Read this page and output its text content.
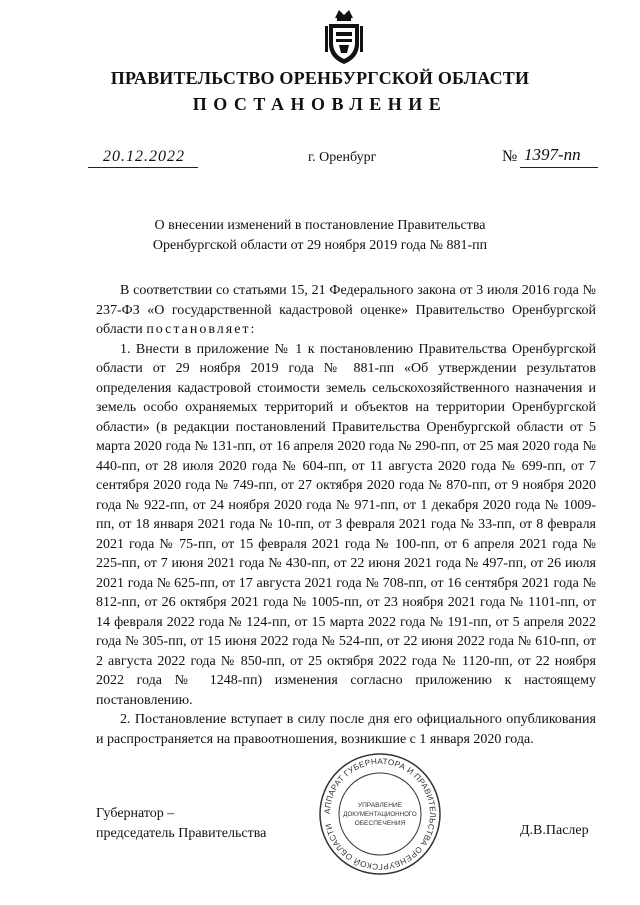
ПРАВИТЕЛЬСТВО ОРЕНБУРГСКОЙ ОБЛАСТИ
ПОСТАНОВЛЕНИЕ
20.12.2022	г. Оренбург	№ 1397-пп
О внесении изменений в постановление Правительства
Оренбургской области от 29 ноября 2019 года № 881-пп

В соответствии со статьями 15, 21 Федерального закона от 3 июля 2016 года № 237-ФЗ «О государственной кадастровой оценке» Правительство Оренбургской области постановляет:

1. Внести в приложение № 1 к постановлению Правительства Оренбургской области от 29 ноября 2019 года № 881-пп «Об утверждении результатов определения кадастровой стоимости земель сельскохозяйственного назначения и земель особо охраняемых территорий и объектов на территории Оренбургской области» (в редакции постановлений Правительства Оренбургской области от 5 марта 2020 года № 131-пп, от 16 апреля 2020 года № 290-пп, от 25 мая 2020 года № 440-пп, от 28 июля 2020 года № 604-пп, от 11 августа 2020 года № 699-пп, от 7 сентября 2020 года № 749-пп, от 27 октября 2020 года № 870-пп, от 9 ноября 2020 года № 922-пп, от 24 ноября 2020 года № 971-пп, от 1 декабря 2020 года № 1009-пп, от 18 января 2021 года № 10-пп, от 3 февраля 2021 года № 33-пп, от 8 февраля 2021 года № 75-пп, от 15 февраля 2021 года № 100-пп, от 6 апреля 2021 года № 225-пп, от 7 июня 2021 года № 430-пп, от 22 июня 2021 года № 497-пп, от 26 июля 2021 года № 625-пп, от 17 августа 2021 года № 708-пп, от 16 сентября 2021 года № 812-пп, от 26 октября 2021 года № 1005-пп, от 23 ноября 2021 года № 1101-пп, от 14 февраля 2022 года № 124-пп, от 15 марта 2022 года № 191-пп, от 5 апреля 2022 года № 305-пп, от 15 июня 2022 года № 524-пп, от 22 июня 2022 года № 610-пп, от 2 августа 2022 года № 850-пп, от 25 октября 2022 года № 1120-пп, от 22 ноября 2022 года № 1248-пп) изменения согласно приложению к настоящему постановлению.

2. Постановление вступает в силу после дня его официального опубликования и распространяется на правоотношения, возникшие с 1 января 2020 года.

Губернатор –
председатель Правительства	Д.В.Паслер
АППАРАТ ГУБЕРНАТОРА И ПРАВИТЕЛЬСТВА ОРЕНБУРГСКОЙ ОБЛАСТИ
УПРАВЛЕНИЕ
ДОКУМЕНТАЦИОННОГО
ОБЕСПЕЧЕНИЯ
